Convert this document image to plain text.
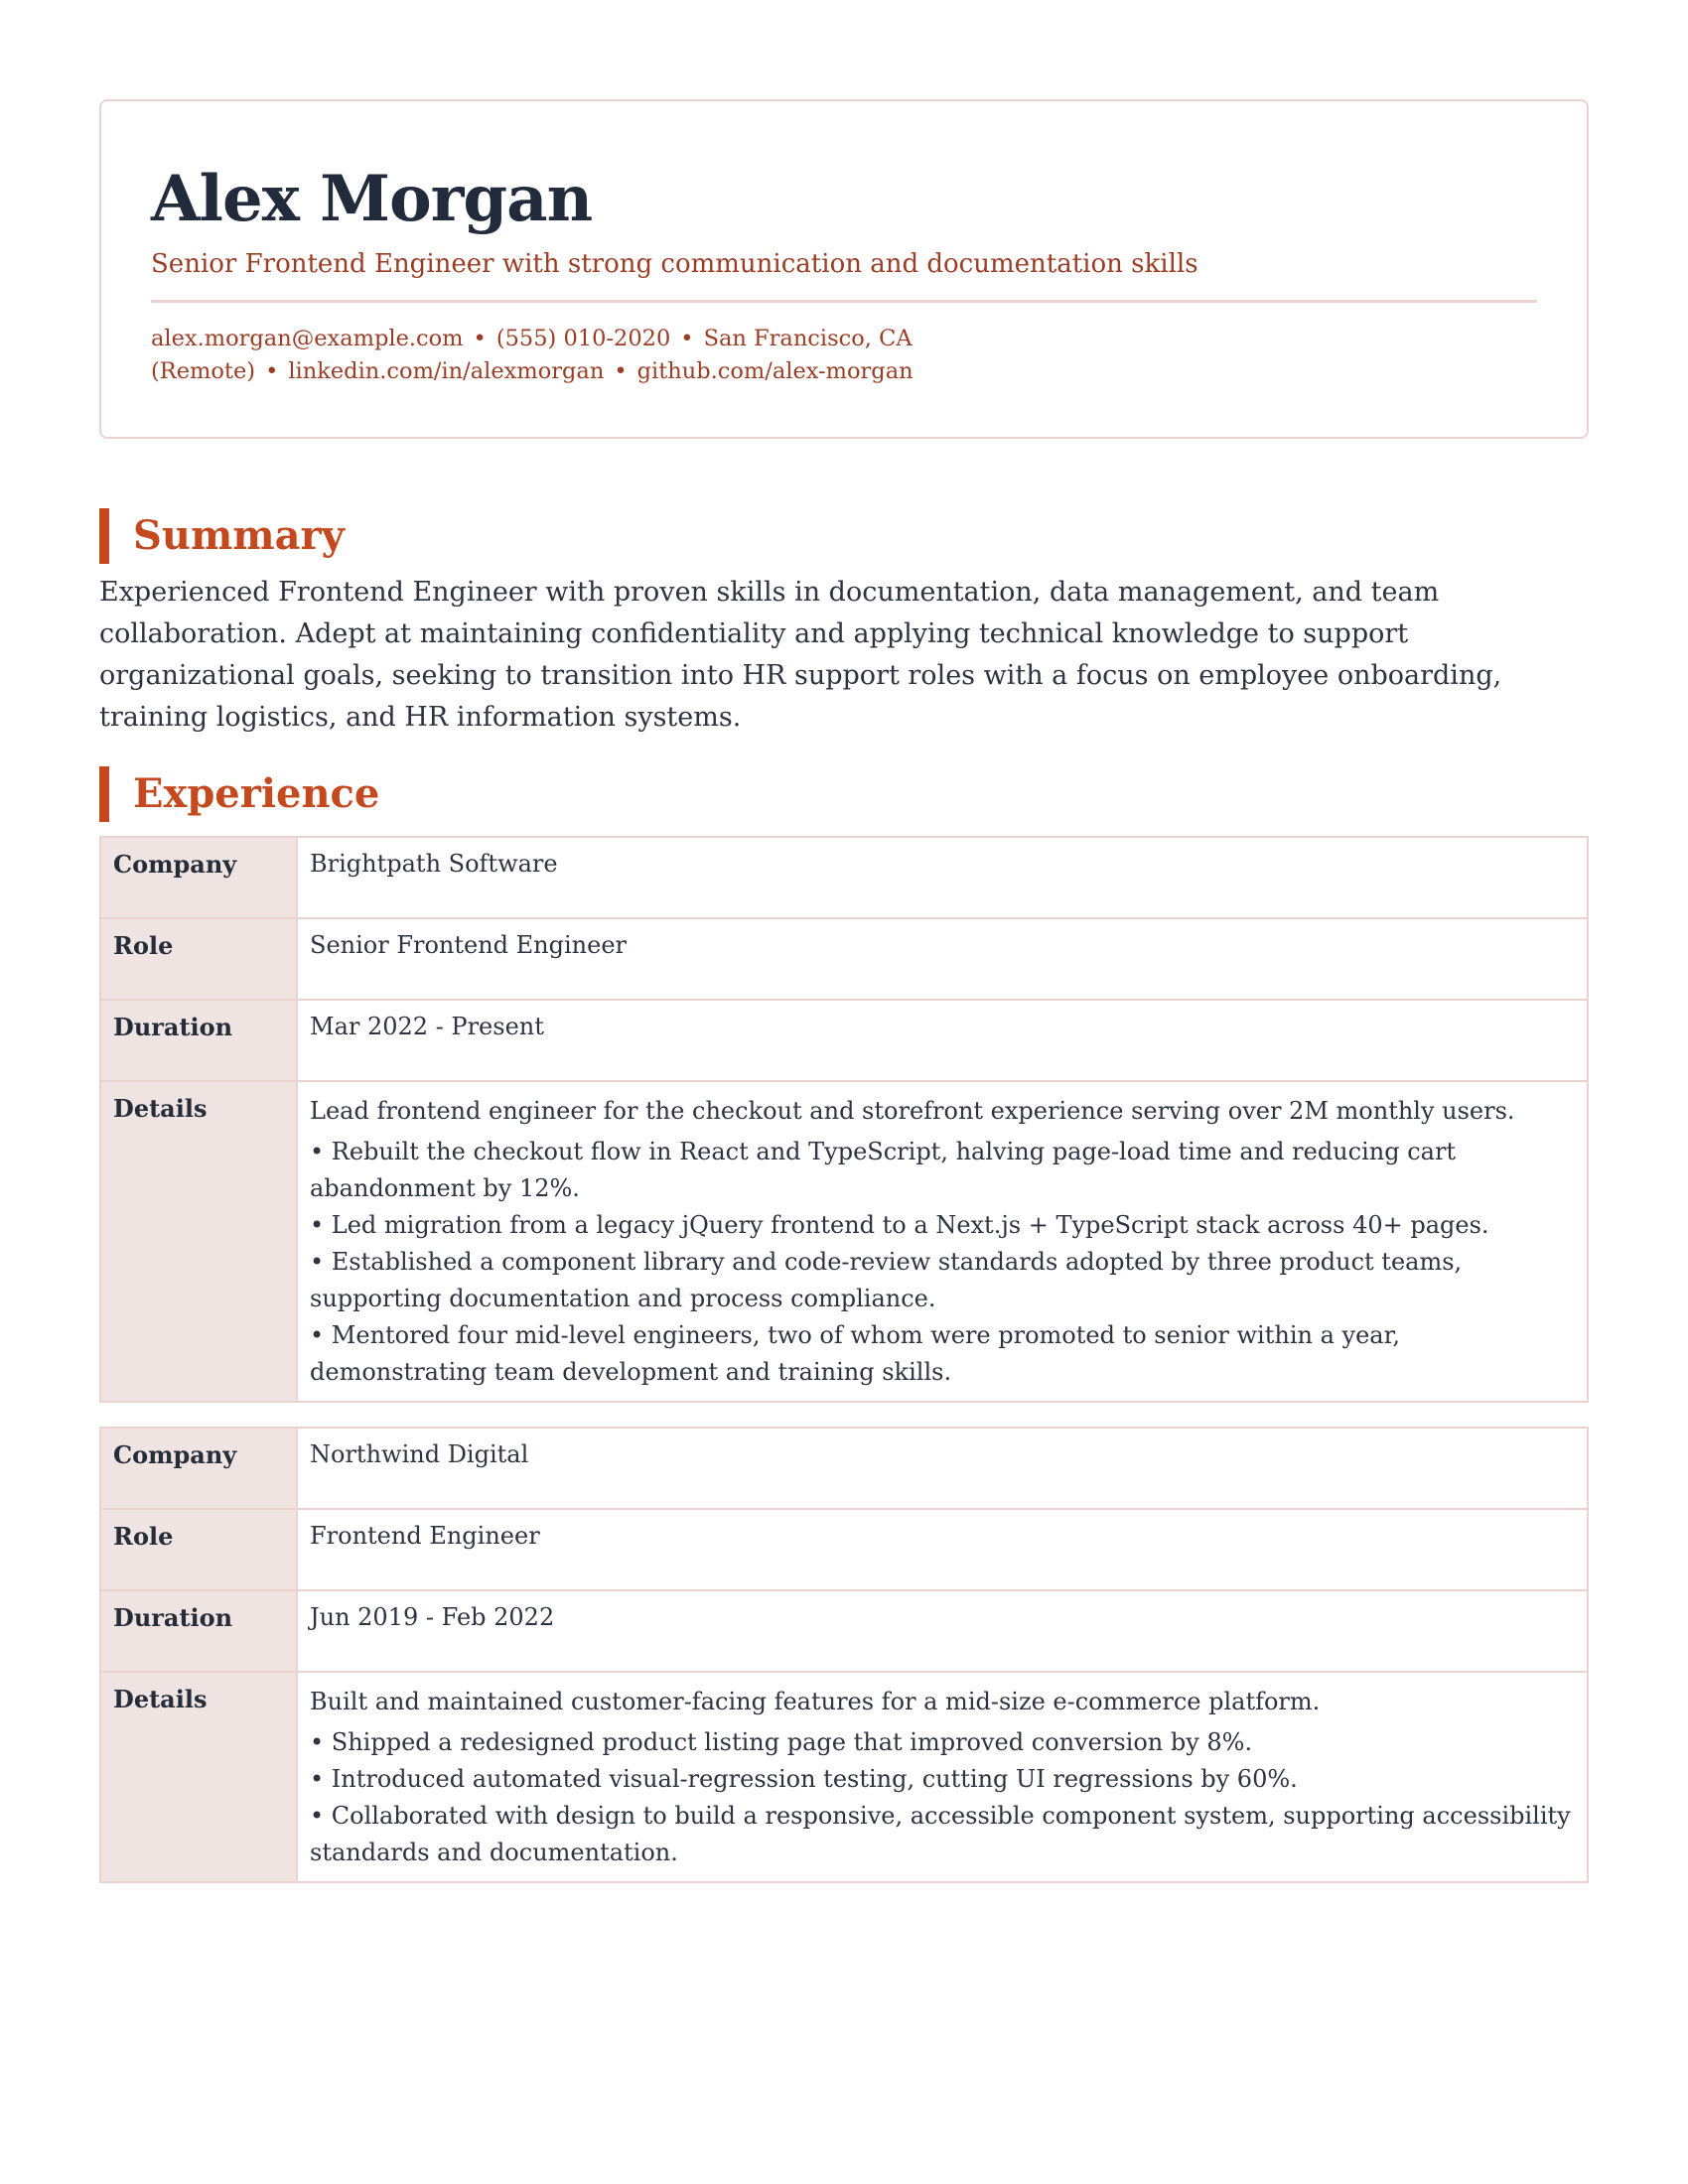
Alex Morgan
Senior Frontend Engineer with strong communication and documentation skills
alex.morgan@example.com • (555) 010-2020 • San Francisco, CA (Remote) • linkedin.com/in/alexmorgan • github.com/alex-morgan
Summary
Experienced Frontend Engineer with proven skills in documentation, data management, and team collaboration. Adept at maintaining confidentiality and applying technical knowledge to support organizational goals, seeking to transition into HR support roles with a focus on employee onboarding, training logistics, and HR information systems.
Experience
Company	Brightpath Software
Role	Senior Frontend Engineer
Duration	Mar 2022 - Present
Details	Lead frontend engineer for the checkout and storefront experience serving over 2M monthly users.
• Rebuilt the checkout flow in React and TypeScript, halving page-load time and reducing cart abandonment by 12%.
• Led migration from a legacy jQuery frontend to a Next.js + TypeScript stack across 40+ pages.
• Established a component library and code-review standards adopted by three product teams, supporting documentation and process compliance.
• Mentored four mid-level engineers, two of whom were promoted to senior within a year, demonstrating team development and training skills.
Company	Northwind Digital
Role	Frontend Engineer
Duration	Jun 2019 - Feb 2022
Details	Built and maintained customer-facing features for a mid-size e-commerce platform.
• Shipped a redesigned product listing page that improved conversion by 8%.
• Introduced automated visual-regression testing, cutting UI regressions by 60%.
• Collaborated with design to build a responsive, accessible component system, supporting accessibility standards and documentation.
